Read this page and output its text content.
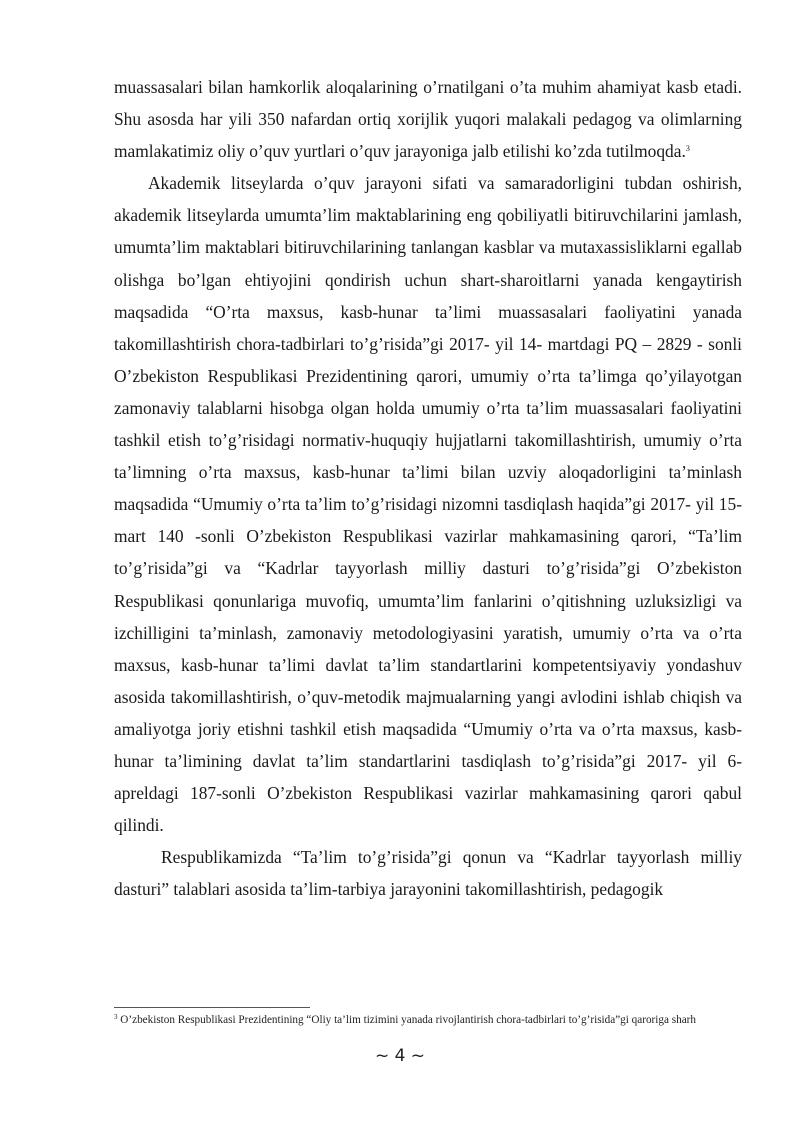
muassasalari bilan hamkorlik aloqalarining o’rnatilgani o’ta muhim ahamiyat kasb etadi. Shu asosda har yili 350 nafardan ortiq xorijlik yuqori malakali pedagog va olimlarning mamlakatimiz oliy o’quv yurtlari o’quv jarayoniga jalb etilishi ko’zda tutilmoqda.$^3$

Akademik litseylarda o’quv jarayoni sifati va samaradorligini tubdan oshirish, akademik litseylarda umumta’lim maktablarining eng qobiliyatli bitiruvchilarini jamlash, umumta’lim maktablari bitiruvchilarining tanlangan kasblar va mutaxassisliklarni egallab olishga bo’lgan ehtiyojini qondirish uchun shart-sharoitlarni yanada kengaytirish maqsadida “O’rta maxsus, kasb-hunar ta’limi muassasalari faoliyatini yanada takomillashtirish chora-tadbirlari to’g’risida”gi 2017- yil 14- martdagi PQ – 2829 - sonli O’zbekiston Respublikasi Prezidentining qarori, umumiy o’rta ta’limga qo’yilayotgan zamonaviy talablarni hisobga olgan holda umumiy o’rta ta’lim muassasalari faoliyatini tashkil etish to’g’risidagi normativ-huquqiy hujjatlarni takomillashtirish, umumiy o’rta ta’limning o’rta maxsus, kasb-hunar ta’limi bilan uzviy aloqadorligini ta’minlash maqsadida “Umumiy o’rta ta’lim to’g’risidagi nizomni tasdiqlash haqida”gi 2017- yil 15- mart 140 -sonli O’zbekiston Respublikasi vazirlar mahkamasining qarori, “Ta’lim to’g’risida”gi va “Kadrlar tayyorlash milliy dasturi to’g’risida”gi O’zbekiston Respublikasi qonunlariga muvofiq, umumta’lim fanlarini o’qitishning uzluksizligi va izchilligini ta’minlash, zamonaviy metodologiyasini yaratish, umumiy o’rta va o’rta maxsus, kasb-hunar ta’limi davlat ta’lim standartlarini kompetentsiyaviy yondashuv asosida takomillashtirish, o’quv-metodik majmualarning yangi avlodini ishlab chiqish va amaliyotga joriy etishni tashkil etish maqsadida “Umumiy o’rta va o’rta maxsus, kasb-hunar ta’limining davlat ta’lim standartlarini tasdiqlash to’g’risida”gi 2017- yil 6- apreldagi 187-sonli O’zbekiston Respublikasi vazirlar mahkamasining qarori qabul qilindi.

Respublikamizda “Ta’lim to’g’risida”gi qonun va “Kadrlar tayyorlash milliy dasturi” talablari asosida ta’lim-tarbiya jarayonini takomillashtirish, pedagogik

$^3$ O’zbekiston Respublikasi Prezidentining “Oliy ta’lim tizimini yanada rivojlantirish chora-tadbirlari to’g’risida”gi qaroriga sharh
~ 4 ~
